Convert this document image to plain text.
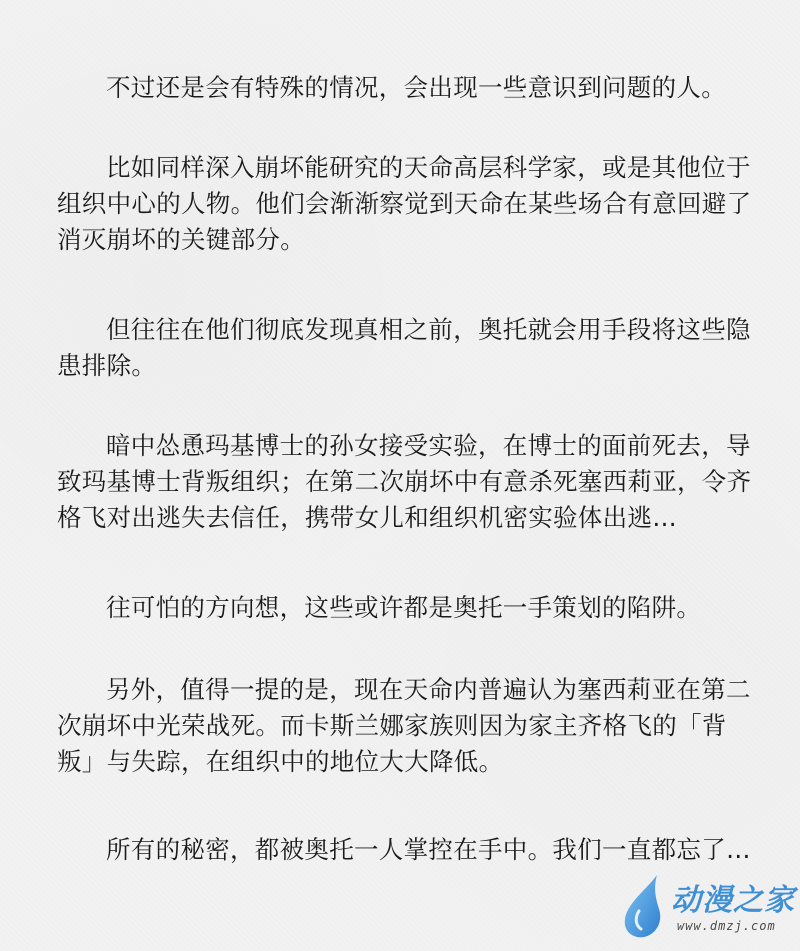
不过还是会有特殊的情况，会出现一些意识到问题的人。

比如同样深入崩坏能研究的天命高层科学家，或是其他位于组织中心的人物。他们会渐渐察觉到天命在某些场合有意回避了消灭崩坏的关键部分。

但往往在他们彻底发现真相之前，奥托就会用手段将这些隐患排除。

暗中怂恿玛基博士的孙女接受实验，在博士的面前死去，导致玛基博士背叛组织；在第二次崩坏中有意杀死塞西莉亚，令齐格飞对出逃失去信任，携带女儿和组织机密实验体出逃…

往可怕的方向想，这些或许都是奥托一手策划的陷阱。

另外，值得一提的是，现在天命内普遍认为塞西莉亚在第二次崩坏中光荣战死。而卡斯兰娜家族则因为家主齐格飞的「背叛」与失踪，在组织中的地位大大降低。

所有的秘密，都被奥托一人掌控在手中。我们一直都忘了…

动漫之家
www.dmzj.com
